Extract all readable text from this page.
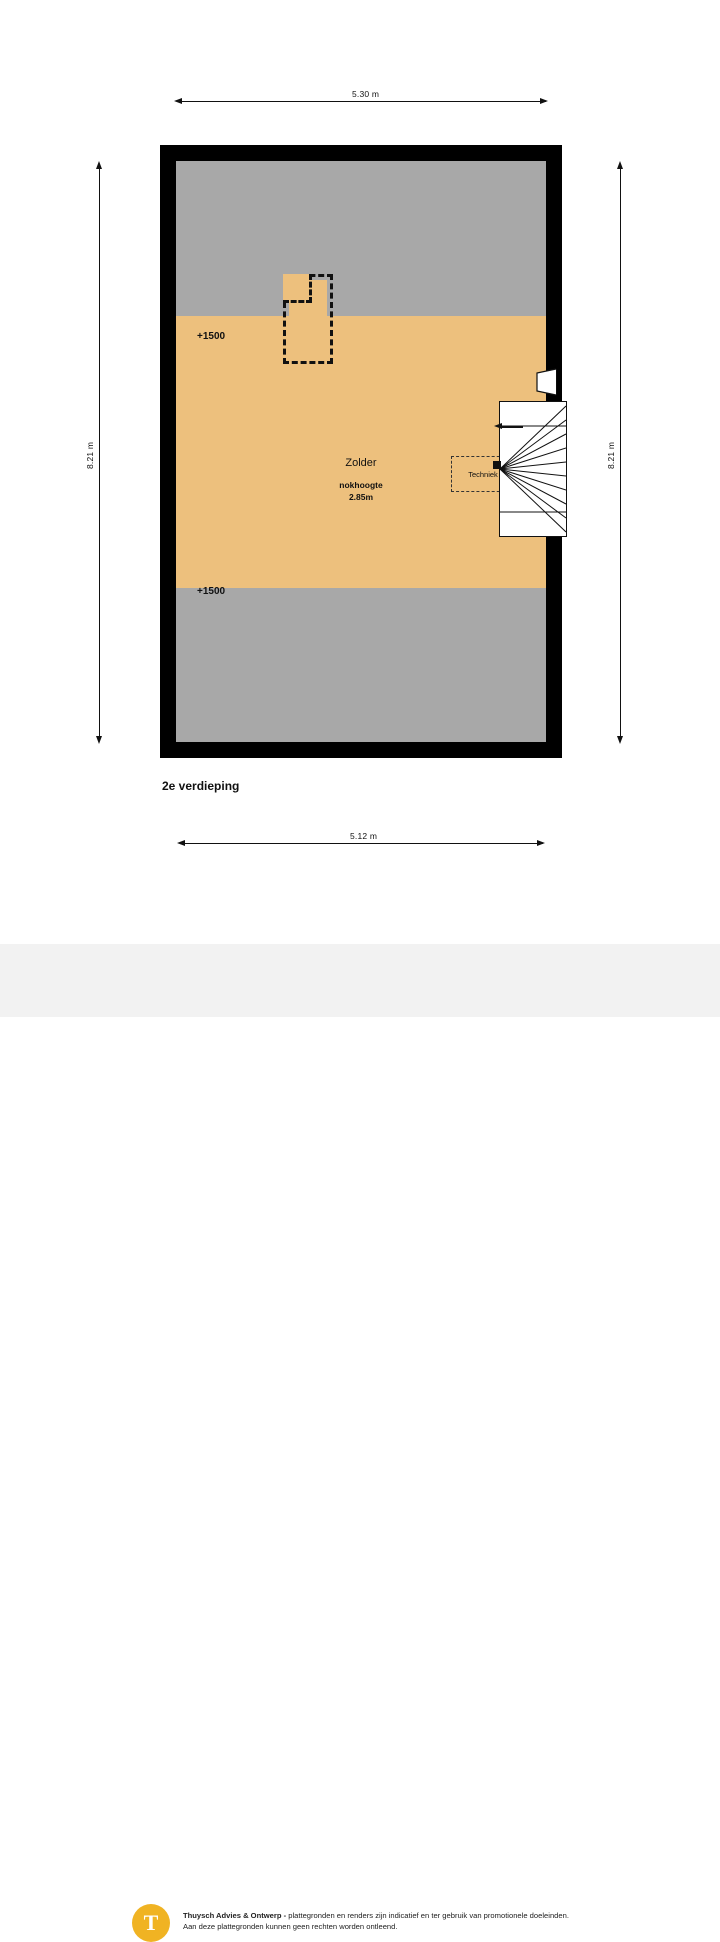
5.30 m
8.21 m	8.21 m
Zolder
nokhoogte
2.85m
+1500
+1500
Techniek
2e verdieping
5.12 m
T	Thuysch Advies & Ontwerp - plattegronden en renders zijn indicatief en ter gebruik van promotionele doeleinden.
Aan deze plattegronden kunnen geen rechten worden ontleend.
